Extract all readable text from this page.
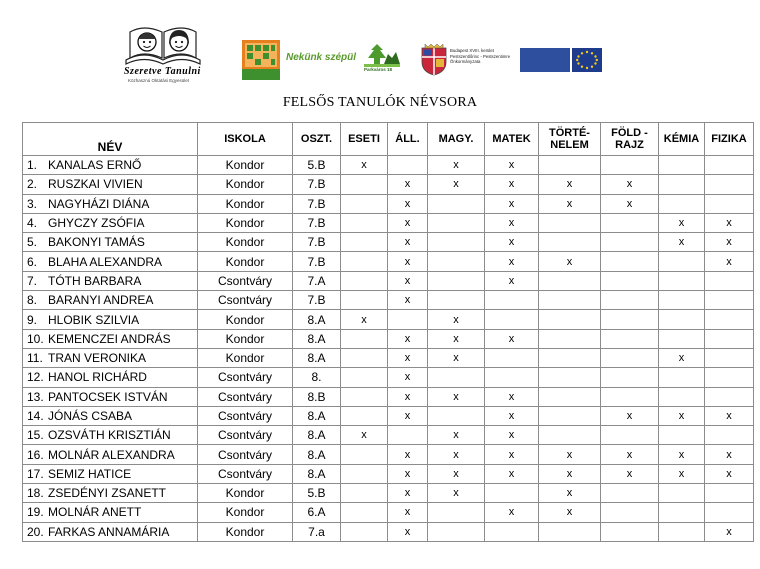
Szeretve Tanulni
Közhasznú Oktatási Egyesület
Nekünk szépül
Parkváros 18
Budapest XVIII. kerület
Pestszentlőrinc - Pestszentimre
Önkormányzata
FELSŐS TANULÓK NÉVSORA
NÉV	ISKOLA	OSZT.	ESETI	ÁLL.	MAGY.	MATEK	TÖRTÉ-
NELEM	FÖLD -
RAJZ	KÉMIA	FIZIKA
1. KANALAS ERNŐ	Kondor	5.B	x		x	x				
2. RUSZKAI VIVIEN	Kondor	7.B		x	x	x	x	x		
3. NAGYHÁZI DIÁNA	Kondor	7.B		x		x	x	x		
4. GHYCZY ZSÓFIA	Kondor	7.B		x		x			x	x
5. BAKONYI TAMÁS	Kondor	7.B		x		x			x	x
6. BLAHA ALEXANDRA	Kondor	7.B		x		x	x			x
7. TÓTH BARBARA	Csontváry	7.A		x		x				
8. BARANYI ANDREA	Csontváry	7.B		x						
9. HLOBIK SZILVIA	Kondor	8.A	x		x					
10. KEMENCZEI ANDRÁS	Kondor	8.A		x	x	x				
11. TRAN VERONIKA	Kondor	8.A		x	x				x	
12. HANOL RICHÁRD	Csontváry	8.		x						
13. PANTOCSEK ISTVÁN	Csontváry	8.B		x	x	x				
14. JÓNÁS CSABA	Csontváry	8.A		x		x		x	x	x
15. OZSVÁTH KRISZTIÁN	Csontváry	8.A	x		x	x				
16. MOLNÁR ALEXANDRA	Csontváry	8.A		x	x	x	x	x	x	x
17. SEMIZ HATICE	Csontváry	8.A		x	x	x	x	x	x	x
18. ZSEDÉNYI ZSANETT	Kondor	5.B		x	x		x			
19. MOLNÁR ANETT	Kondor	6.A		x		x	x			
20. FARKAS ANNAMÁRIA	Kondor	7.a		x						x
